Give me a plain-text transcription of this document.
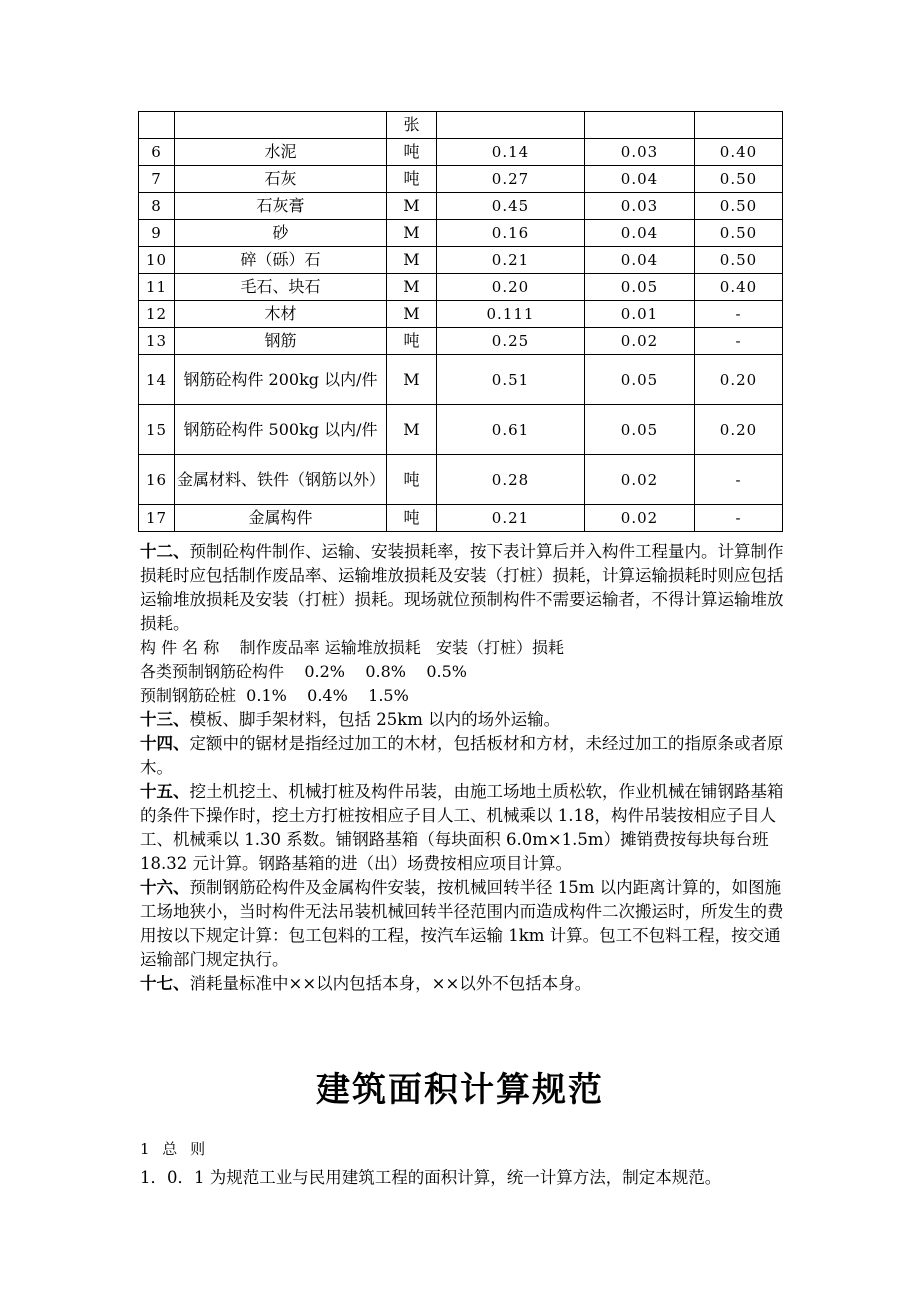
		张			
6	水泥	吨	0.14	0.03	0.40
7	石灰	吨	0.27	0.04	0.50
8	石灰膏	M	0.45	0.03	0.50
9	砂	M	0.16	0.04	0.50
10	碎（砾）石	M	0.21	0.04	0.50
11	毛石、块石	M	0.20	0.05	0.40
12	木材	M	0.111	0.01	-
13	钢筋	吨	0.25	0.02	-
14	钢筋砼构件 200kg 以内/件	M	0.51	0.05	0.20
15	钢筋砼构件 500kg 以内/件	M	0.61	0.05	0.20
16	金属材料、铁件（钢筋以外）	吨	0.28	0.02	-
17	金属构件	吨	0.21	0.02	-

十二、预制砼构件制作、运输、安装损耗率，按下表计算后并入构件工程量内。计算制作损耗时应包括制作废品率、运输堆放损耗及安装（打桩）损耗，计算运输损耗时则应包括运输堆放损耗及安装（打桩）损耗。现场就位预制构件不需要运输者，不得计算运输堆放损耗。

构 件 名 称    制作废品率 运输堆放损耗   安装（打桩）损耗

各类预制钢筋砼构件    0.2%    0.8%    0.5%

预制钢筋砼桩  0.1%    0.4%    1.5%

十三、模板、脚手架材料，包括 25km 以内的场外运输。

十四、定额中的锯材是指经过加工的木材，包括板材和方材，未经过加工的指原条或者原木。

十五、挖土机挖土、机械打桩及构件吊装，由施工场地土质松软，作业机械在铺钢路基箱的条件下操作时，挖土方打桩按相应子目人工、机械乘以 1.18，构件吊装按相应子目人工、机械乘以 1.30 系数。铺钢路基箱（每块面积 6.0m×1.5m）摊销费按每块每台班 18.32 元计算。钢路基箱的进（出）场费按相应项目计算。

十六、预制钢筋砼构件及金属构件安装，按机械回转半径 15m 以内距离计算的，如图施工场地狭小，当时构件无法吊装机械回转半径范围内而造成构件二次搬运时，所发生的费用按以下规定计算：包工包料的工程，按汽车运输 1km 计算。包工不包料工程，按交通运输部门规定执行。

十七、消耗量标准中××以内包括本身，××以外不包括本身。

建筑面积计算规范
1 总 则
1．0．1 为规范工业与民用建筑工程的面积计算，统一计算方法，制定本规范。
